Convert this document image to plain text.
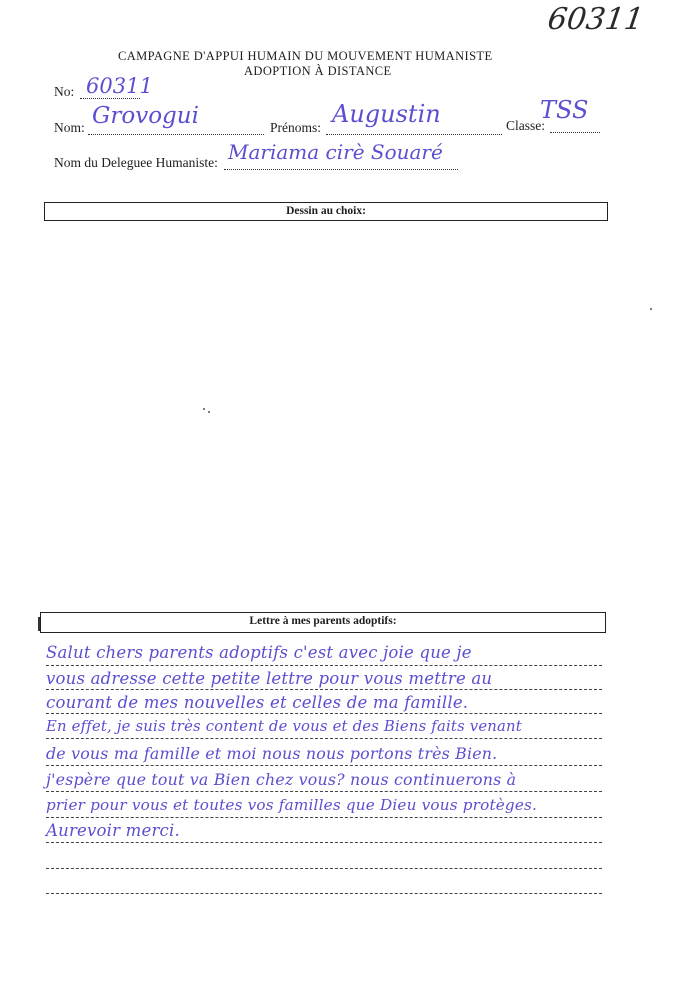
60311
CAMPAGNE D'APPUI HUMAIN DU MOUVEMENT HUMANISTE
ADOPTION À DISTANCE
No: 60311
Nom: Grovogui	Prénoms: Augustin	Classe:
TSS
Nom du Deleguee Humaniste: Mariama cirè Souaré
Dessin au choix:
Lettre à mes parents adoptifs:
Salut chers parents adoptifs c'est avec joie que je
vous adresse cette petite lettre pour vous mettre au
courant de mes nouvelles et celles de ma famille.
En effet, je suis très content de vous et des Biens faits venant
de vous ma famille et moi nous nous portons très Bien.
j'espère que tout va Bien chez vous? nous continuerons à
prier pour vous et toutes vos familles que Dieu vous protèges.
Aurevoir merci.
